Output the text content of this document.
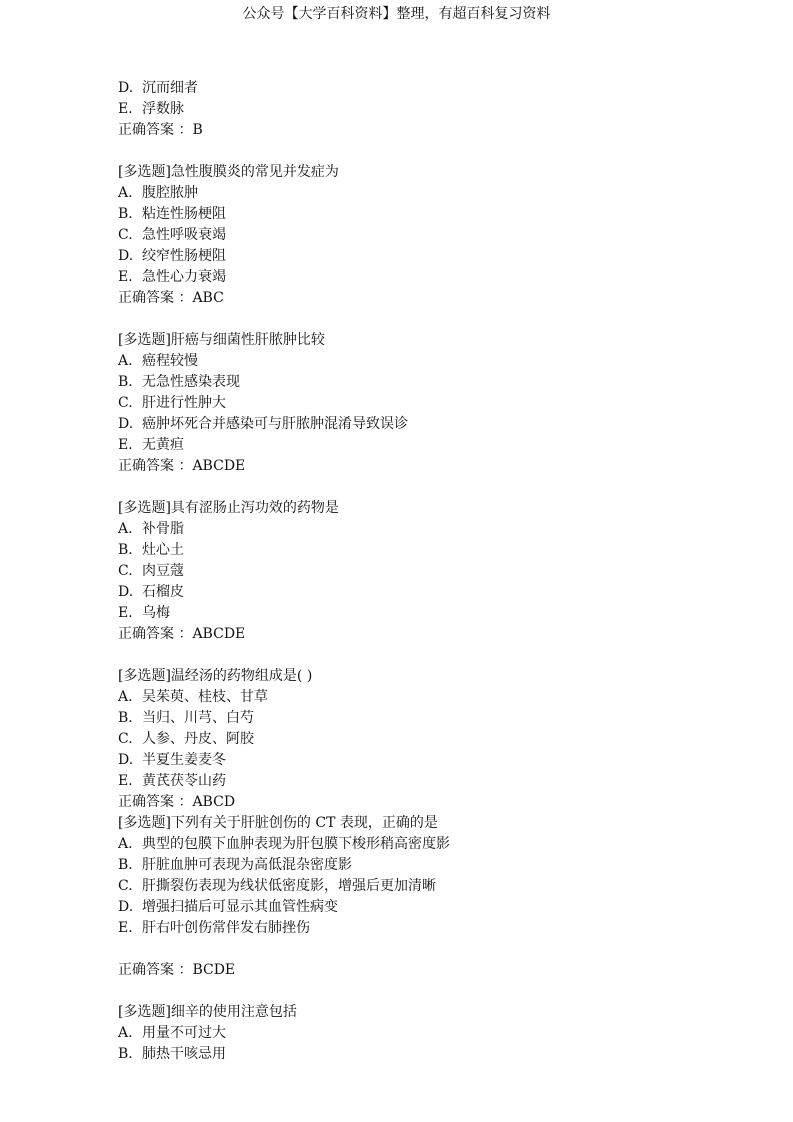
公众号【大学百科资料】整理，有超百科复习资料
D. 沉而细者
E. 浮数脉
正确答案 ：B
[多选题]急性腹膜炎的常见并发症为
A. 腹腔脓肿
B. 粘连性肠梗阻
C. 急性呼吸衰竭
D. 绞窄性肠梗阻
E. 急性心力衰竭
正确答案 ：ABC
[多选题]肝癌与细菌性肝脓肿比较
A. 癌程较慢
B. 无急性感染表现
C. 肝进行性肿大
D. 癌肿坏死合并感染可与肝脓肿混淆导致误诊
E. 无黄疸
正确答案 ：ABCDE
[多选题]具有涩肠止泻功效的药物是
A. 补骨脂
B. 灶心土
C. 肉豆蔻
D. 石榴皮
E. 乌梅
正确答案 ：ABCDE
[多选题]温经汤的药物组成是( )
A. 吴茱萸、桂枝、甘草
B. 当归、川芎、白芍
C. 人参、丹皮、阿胶
D. 半夏生姜麦冬
E. 黄芪茯苓山药
正确答案 ：ABCD
[多选题]下列有关于肝脏创伤的 CT 表现，正确的是
A. 典型的包膜下血肿表现为肝包膜下梭形稍高密度影
B. 肝脏血肿可表现为高低混杂密度影
C. 肝撕裂伤表现为线状低密度影，增强后更加清晰
D. 增强扫描后可显示其血管性病变
E. 肝右叶创伤常伴发右肺挫伤
正确答案 ：BCDE
[多选题]细辛的使用注意包括
A. 用量不可过大
B. 肺热干咳忌用
